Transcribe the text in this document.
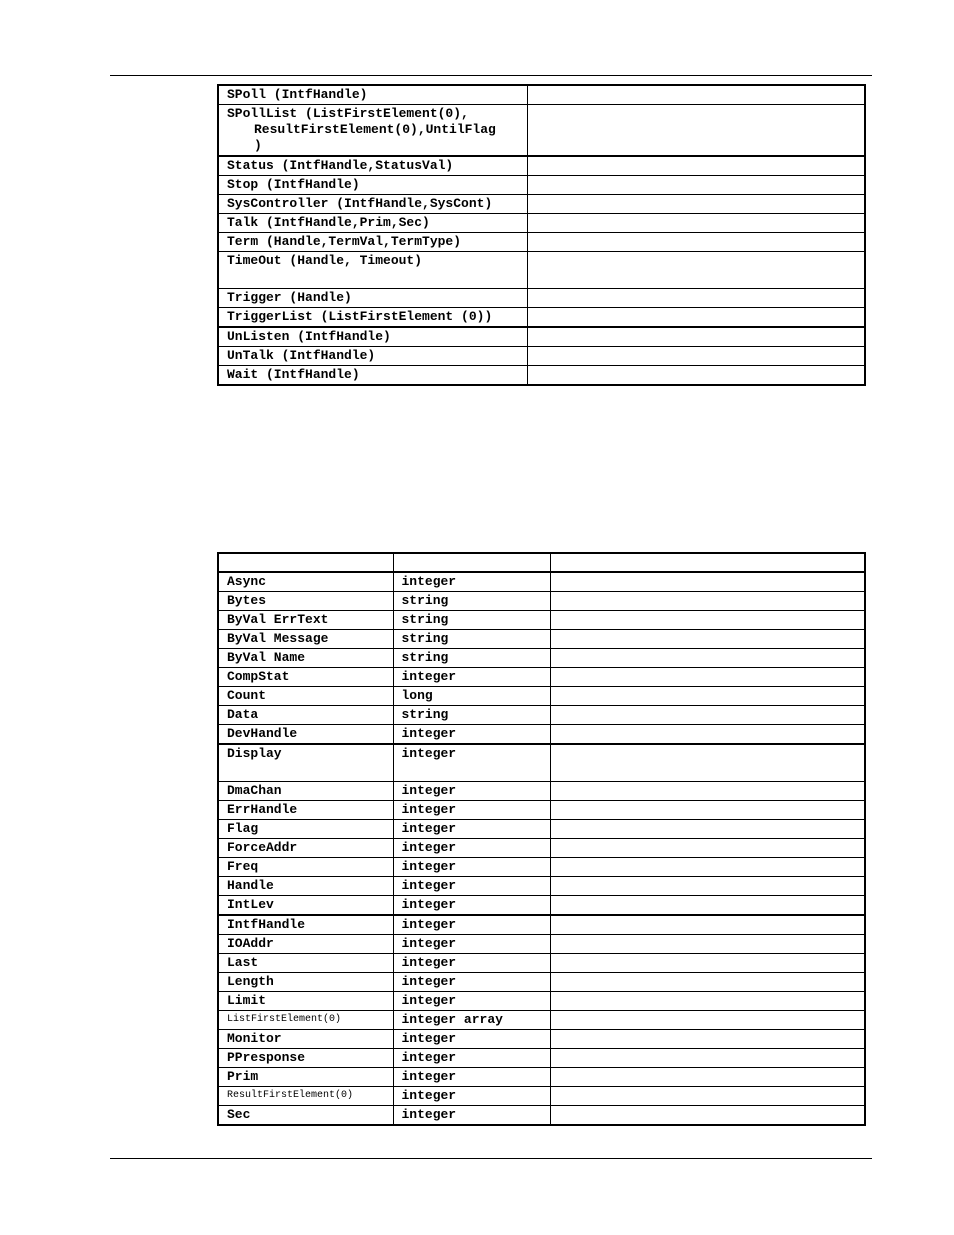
SPoll (IntfHandle)	

SPollList (ListFirstElement(0),
ResultFirstElement(0),UntilFlag
)	

Status (IntfHandle,StatusVal)	
Stop (IntfHandle)	
SysController (IntfHandle,SysCont)	
Talk (IntfHandle,Prim,Sec)	
Term (Handle,TermVal,TermType)	
TimeOut (Handle, Timeout)	
Trigger (Handle)	
TriggerList (ListFirstElement (0))	
UnListen (IntfHandle)	
UnTalk (IntfHandle)	
Wait (IntfHandle)	

Async	integer	
Bytes	string	
ByVal ErrText	string	
ByVal Message	string	
ByVal Name	string	
CompStat	integer	
Count	long	
Data	string	
DevHandle	integer	
Display	integer	
DmaChan	integer	
ErrHandle	integer	
Flag	integer	
ForceAddr	integer	
Freq	integer	
Handle	integer	
IntLev	integer	
IntfHandle	integer	
IOAddr	integer	
Last	integer	
Length	integer	
Limit	integer	
ListFirstElement(0)	integer array	
Monitor	integer	
PPresponse	integer	
Prim	integer	
ResultFirstElement(0)	integer	
Sec	integer	
